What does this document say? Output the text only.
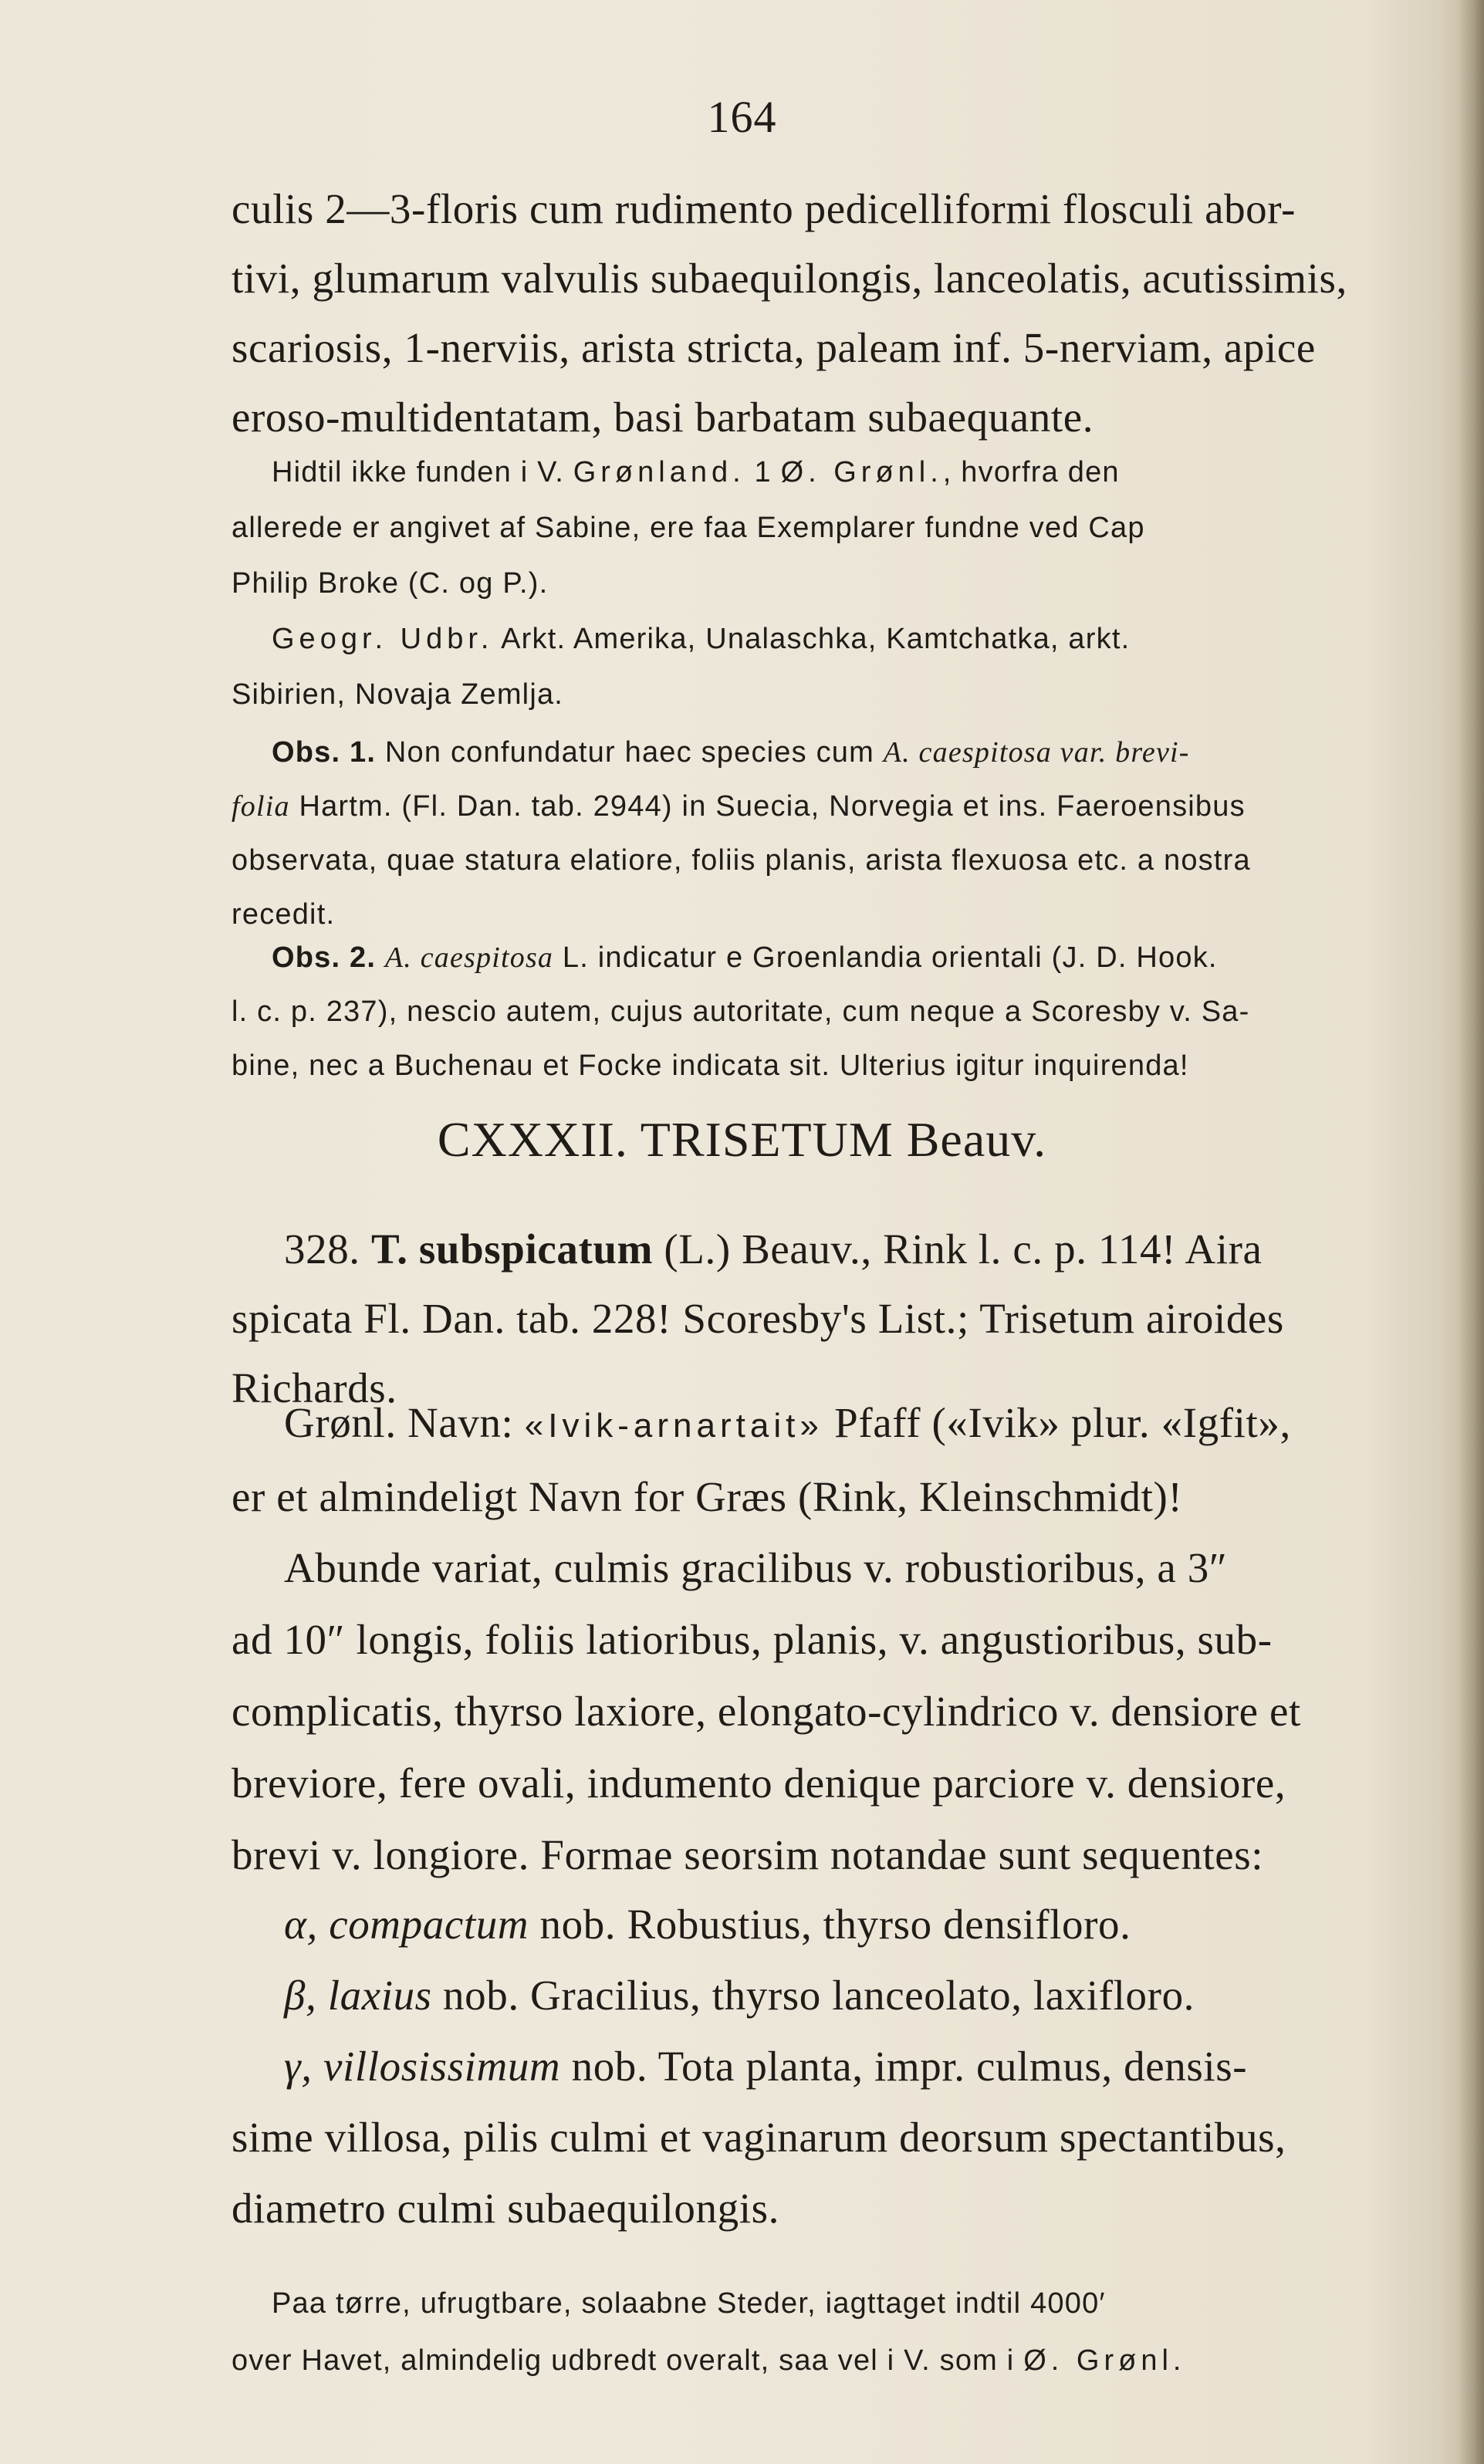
164
culis 2—3-floris cum rudimento pedicelliformi flosculi abor-
tivi, glumarum valvulis subaequilongis, lanceolatis, acutissimis,
scariosis, 1-nerviis, arista stricta, paleam inf. 5-nerviam, apice
eroso-multidentatam, basi barbatam subaequante.
Hidtil ikke funden i V. Grønland. 1 Ø. Grønl., hvorfra den
allerede er angivet af Sabine, ere faa Exemplarer fundne ved Cap
Philip Broke (C. og P.).
Geogr. Udbr. Arkt. Amerika, Unalaschka, Kamtchatka, arkt.
Sibirien, Novaja Zemlja.
Obs. 1. Non confundatur haec species cum A. caespitosa var. brevi-
folia Hartm. (Fl. Dan. tab. 2944) in Suecia, Norvegia et ins. Faeroensibus
observata, quae statura elatiore, foliis planis, arista flexuosa etc. a nostra
recedit.
Obs. 2. A. caespitosa L. indicatur e Groenlandia orientali (J. D. Hook.
l. c. p. 237), nescio autem, cujus autoritate, cum neque a Scoresby v. Sa-
bine, nec a Buchenau et Focke indicata sit. Ulterius igitur inquirenda!
CXXXII. TRISETUM Beauv.
328. T. subspicatum (L.) Beauv., Rink l. c. p. 114! Aira
spicata Fl. Dan. tab. 228! Scoresby's List.; Trisetum airoides
Richards.
Grønl. Navn: «Ivik-arnartait» Pfaff («Ivik» plur. «Igfit»,
er et almindeligt Navn for Græs (Rink, Kleinschmidt)!
Abunde variat, culmis gracilibus v. robustioribus, a 3″
ad 10″ longis, foliis latioribus, planis, v. angustioribus, sub-
complicatis, thyrso laxiore, elongato-cylindrico v. densiore et
breviore, fere ovali, indumento denique parciore v. densiore,
brevi v. longiore. Formae seorsim notandae sunt sequentes:
α, compactum nob. Robustius, thyrso densifloro.
β, laxius nob. Gracilius, thyrso lanceolato, laxifloro.
γ, villosissimum nob. Tota planta, impr. culmus, densis-
sime villosa, pilis culmi et vaginarum deorsum spectantibus,
diametro culmi subaequilongis.
Paa tørre, ufrugtbare, solaabne Steder, iagttaget indtil 4000′
over Havet, almindelig udbredt overalt, saa vel i V. som i Ø. Grønl.
